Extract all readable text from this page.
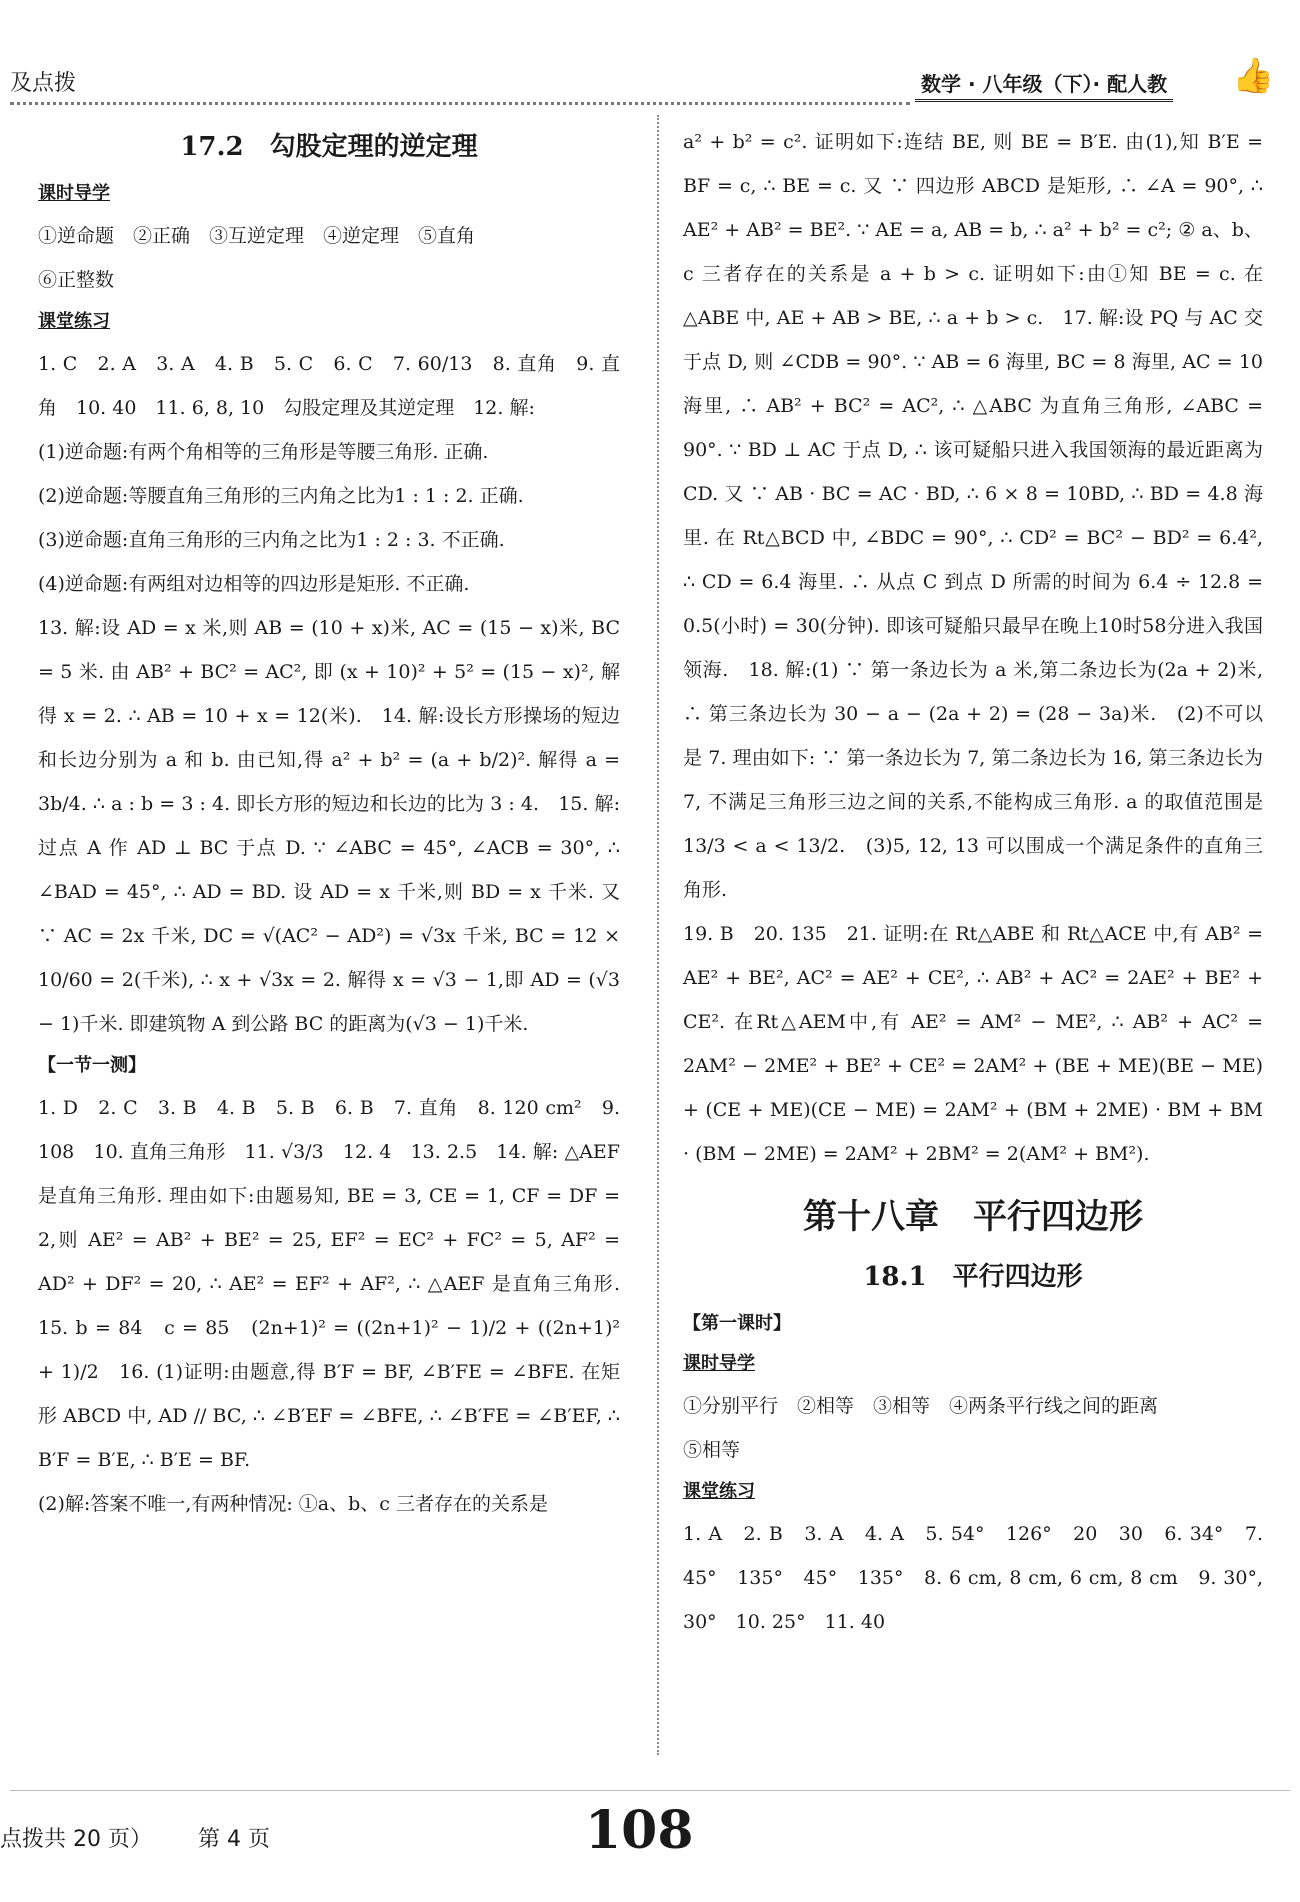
及点拨	数学 · 八年级（下）· 配人教 👍
17.2　勾股定理的逆定理
课时导学

①逆命题　②正确　③互逆定理　④逆定理　⑤直角

⑥正整数

课堂练习

1. C　2. A　3. A　4. B　5. C　6. C　7. 60/13　8. 直角　9. 直角　10. 40　11. 6, 8, 10　勾股定理及其逆定理　12. 解:

(1)逆命题:有两个角相等的三角形是等腰三角形. 正确.

(2)逆命题:等腰直角三角形的三内角之比为1 : 1 : 2. 正确.

(3)逆命题:直角三角形的三内角之比为1 : 2 : 3. 不正确.

(4)逆命题:有两组对边相等的四边形是矩形. 不正确.

13. 解:设 AD = x 米,则 AB = (10 + x)米, AC = (15 − x)米, BC = 5 米. 由 AB² + BC² = AC², 即 (x + 10)² + 5² = (15 − x)², 解得 x = 2. ∴ AB = 10 + x = 12(米).　14. 解:设长方形操场的短边和长边分别为 a 和 b. 由已知,得 a² + b² = (a + b/2)². 解得 a = 3b/4. ∴ a : b = 3 : 4. 即长方形的短边和长边的比为 3 : 4.　15. 解:过点 A 作 AD ⊥ BC 于点 D. ∵ ∠ABC = 45°, ∠ACB = 30°, ∴ ∠BAD = 45°, ∴ AD = BD. 设 AD = x 千米,则 BD = x 千米. 又 ∵ AC = 2x 千米, DC = √(AC² − AD²) = √3x 千米, BC = 12 × 10/60 = 2(千米), ∴ x + √3x = 2. 解得 x = √3 − 1,即 AD = (√3 − 1)千米. 即建筑物 A 到公路 BC 的距离为(√3 − 1)千米.

【一节一测】

1. D　2. C　3. B　4. B　5. B　6. B　7. 直角　8. 120 cm²　9. 108　10. 直角三角形　11. √3/3　12. 4　13. 2.5　14. 解: △AEF 是直角三角形. 理由如下:由题易知, BE = 3, CE = 1, CF = DF = 2,则 AE² = AB² + BE² = 25, EF² = EC² + FC² = 5, AF² = AD² + DF² = 20, ∴ AE² = EF² + AF², ∴ △AEF 是直角三角形.　15. b = 84　c = 85　(2n+1)² = ((2n+1)² − 1)/2 + ((2n+1)² + 1)/2　16. (1)证明:由题意,得 B′F = BF, ∠B′FE = ∠BFE. 在矩形 ABCD 中, AD // BC, ∴ ∠B′EF = ∠BFE, ∴ ∠B′FE = ∠B′EF, ∴ B′F = B′E, ∴ B′E = BF.

(2)解:答案不唯一,有两种情况: ①a、b、c 三者存在的关系是

a² + b² = c². 证明如下:连结 BE, 则 BE = B′E. 由(1),知 B′E = BF = c, ∴ BE = c. 又 ∵ 四边形 ABCD 是矩形, ∴ ∠A = 90°, ∴ AE² + AB² = BE². ∵ AE = a, AB = b, ∴ a² + b² = c²; ② a、b、c 三者存在的关系是 a + b > c. 证明如下:由①知 BE = c. 在 △ABE 中, AE + AB > BE, ∴ a + b > c.　17. 解:设 PQ 与 AC 交于点 D, 则 ∠CDB = 90°. ∵ AB = 6 海里, BC = 8 海里, AC = 10 海里, ∴ AB² + BC² = AC², ∴ △ABC 为直角三角形, ∠ABC = 90°. ∵ BD ⊥ AC 于点 D, ∴ 该可疑船只进入我国领海的最近距离为 CD. 又 ∵ AB · BC = AC · BD, ∴ 6 × 8 = 10BD, ∴ BD = 4.8 海里. 在 Rt△BCD 中, ∠BDC = 90°, ∴ CD² = BC² − BD² = 6.4², ∴ CD = 6.4 海里. ∴ 从点 C 到点 D 所需的时间为 6.4 ÷ 12.8 = 0.5(小时) = 30(分钟). 即该可疑船只最早在晚上10时58分进入我国领海.　18. 解:(1) ∵ 第一条边长为 a 米,第二条边长为(2a + 2)米, ∴ 第三条边长为 30 − a − (2a + 2) = (28 − 3a)米.　(2)不可以是 7. 理由如下: ∵ 第一条边长为 7, 第二条边长为 16, 第三条边长为 7, 不满足三角形三边之间的关系,不能构成三角形. a 的取值范围是 13/3 < a < 13/2.　(3)5, 12, 13 可以围成一个满足条件的直角三角形.

19. B　20. 135　21. 证明:在 Rt△ABE 和 Rt△ACE 中,有 AB² = AE² + BE², AC² = AE² + CE², ∴ AB² + AC² = 2AE² + BE² + CE². 在Rt△AEM中,有 AE² = AM² − ME², ∴ AB² + AC² = 2AM² − 2ME² + BE² + CE² = 2AM² + (BE + ME)(BE − ME) + (CE + ME)(CE − ME) = 2AM² + (BM + 2ME) · BM + BM · (BM − 2ME) = 2AM² + 2BM² = 2(AM² + BM²).

第十八章　平行四边形
18.1　平行四边形
【第一课时】
课时导学

①分别平行　②相等　③相等　④两条平行线之间的距离

⑤相等

课堂练习

1. A　2. B　3. A　4. A　5. 54°　126°　20　30　6. 34°　7. 45°　135°　45°　135°　8. 6 cm, 8 cm, 6 cm, 8 cm　9. 30°, 30°　10. 25°　11. 40

点拨共 20 页） 第 4 页	108
